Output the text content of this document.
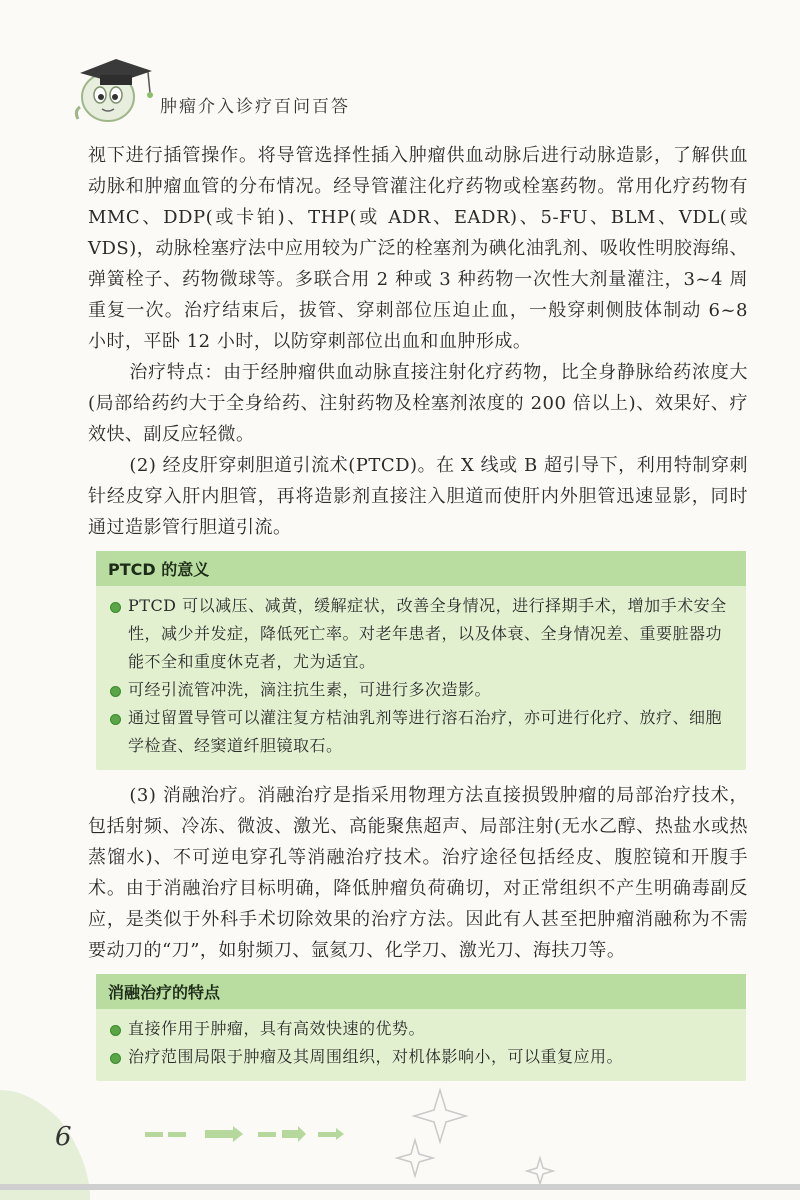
肿瘤介入诊疗百问百答

视下进行插管操作。将导管选择性插入肿瘤供血动脉后进行动脉造影，了解供血动脉和肿瘤血管的分布情况。经导管灌注化疗药物或栓塞药物。常用化疗药物有 MMC、DDP(或卡铂)、THP(或 ADR、EADR)、5-FU、BLM、VDL(或 VDS)，动脉栓塞疗法中应用较为广泛的栓塞剂为碘化油乳剂、吸收性明胶海绵、弹簧栓子、药物微球等。多联合用 2 种或 3 种药物一次性大剂量灌注，3~4 周重复一次。治疗结束后，拔管、穿刺部位压迫止血，一般穿刺侧肢体制动 6~8 小时，平卧 12 小时，以防穿刺部位出血和血肿形成。

治疗特点：由于经肿瘤供血动脉直接注射化疗药物，比全身静脉给药浓度大(局部给药约大于全身给药、注射药物及栓塞剂浓度的 200 倍以上)、效果好、疗效快、副反应轻微。

(2) 经皮肝穿刺胆道引流术(PTCD)。在 X 线或 B 超引导下，利用特制穿刺针经皮穿入肝内胆管，再将造影剂直接注入胆道而使肝内外胆管迅速显影，同时通过造影管行胆道引流。

PTCD 的意义
PTCD 可以减压、减黄，缓解症状，改善全身情况，进行择期手术，增加手术安全性，减少并发症，降低死亡率。对老年患者，以及体衰、全身情况差、重要脏器功能不全和重度休克者，尤为适宜。
可经引流管冲洗，滴注抗生素，可进行多次造影。
通过留置导管可以灌注复方桔油乳剂等进行溶石治疗，亦可进行化疗、放疗、细胞学检查、经窦道纤胆镜取石。

(3) 消融治疗。消融治疗是指采用物理方法直接损毁肿瘤的局部治疗技术，包括射频、冷冻、微波、激光、高能聚焦超声、局部注射(无水乙醇、热盐水或热蒸馏水)、不可逆电穿孔等消融治疗技术。治疗途径包括经皮、腹腔镜和开腹手术。由于消融治疗目标明确，降低肿瘤负荷确切，对正常组织不产生明确毒副反应，是类似于外科手术切除效果的治疗方法。因此有人甚至把肿瘤消融称为不需要动刀的“刀”，如射频刀、氩氦刀、化学刀、激光刀、海扶刀等。

消融治疗的特点
直接作用于肿瘤，具有高效快速的优势。
治疗范围局限于肿瘤及其周围组织，对机体影响小，可以重复应用。
6
